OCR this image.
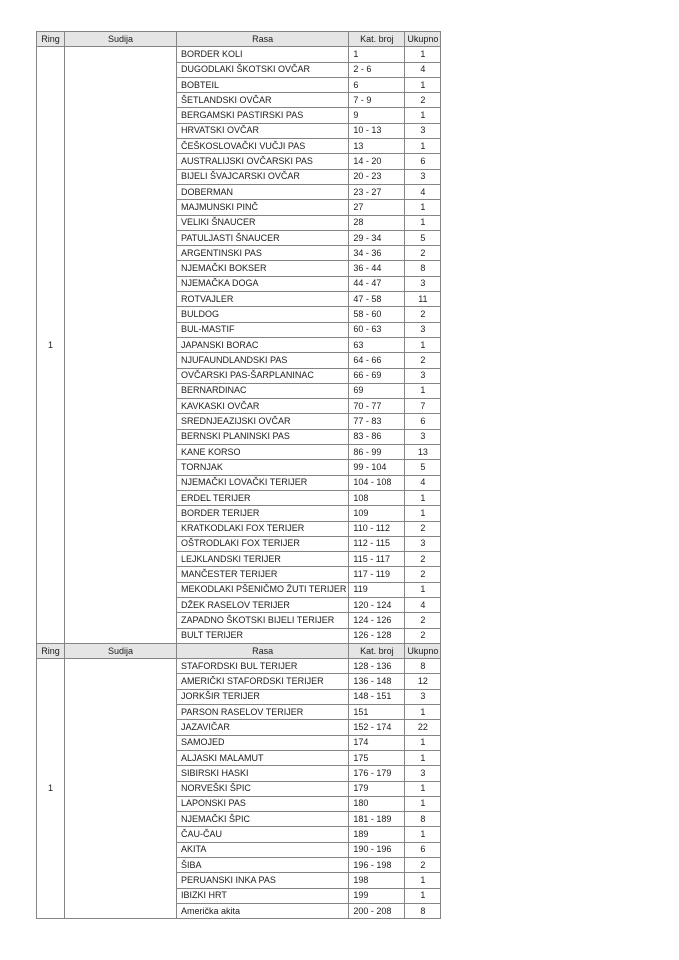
Ring	Sudija	Rasa	Kat. broj	Ukupno
1		BORDER KOLI	1	1
		DUGODLAKI ŠKOTSKI OVČAR	2 - 6	4
		BOBTEIL	6	1
		ŠETLANDSKI OVČAR	7 - 9	2
		BERGAMSKI PASTIRSKI PAS	9	1
		HRVATSKI OVČAR	10 - 13	3
		ČEŠKOSLOVAČKI VUČJI PAS	13	1
		AUSTRALIJSKI OVČARSKI PAS	14 - 20	6
		BIJELI ŠVAJCARSKI OVČAR	20 - 23	3
		DOBERMAN	23 - 27	4
		MAJMUNSKI PINČ	27	1
		VELIKI ŠNAUCER	28	1
		PATULJASTI ŠNAUCER	29 - 34	5
		ARGENTINSKI PAS	34 - 36	2
		NJEMAČKI BOKSER	36 - 44	8
		NJEMAČKA DOGA	44 - 47	3
		ROTVAJLER	47 - 58	11
		BULDOG	58 - 60	2
		BUL-MASTIF	60 - 63	3
		JAPANSKI BORAC	63	1
		NJUFAUNDLANDSKI PAS	64 - 66	2
		OVČARSKI PAS-ŠARPLANINAC	66 - 69	3
		BERNARDINAC	69	1
		KAVKASKI OVČAR	70 - 77	7
		SREDNJEAZIJSKI OVČAR	77 - 83	6
		BERNSKI PLANINSKI PAS	83 - 86	3
		KANE KORSO	86 - 99	13
		TORNJAK	99 - 104	5
		NJEMAČKI LOVAČKI TERIJER	104 - 108	4
		ERDEL TERIJER	108	1
		BORDER TERIJER	109	1
		KRATKODLAKI FOX TERIJER	110 - 112	2
		OŠTRODLAKI FOX TERIJER	112 - 115	3
		LEJKLANDSKI TERIJER	115 - 117	2
		MANČESTER TERIJER	117 - 119	2
		MEKODLAKI PŠENIČMO ŽUTI TERIJER	119	1
		DŽEK RASELOV TERIJER	120 - 124	4
		ZAPADNO ŠKOTSKI BIJELI TERIJER	124 - 126	2
		BULT TERIJER	126 - 128	2
Ring	Sudija	Rasa	Kat. broj	Ukupno
1		STAFORDSKI BUL TERIJER	128 - 136	8
		AMERIČKI STAFORDSKI TERIJER	136 - 148	12
		JORKŠIR TERIJER	148 - 151	3
		PARSON RASELOV TERIJER	151	1
		JAZAVIČAR	152 - 174	22
		SAMOJED	174	1
		ALJASKI MALAMUT	175	1
		SIBIRSKI HASKI	176 - 179	3
		NORVEŠKI ŠPIC	179	1
		LAPONSKI PAS	180	1
		NJEMAČKI ŠPIC	181 - 189	8
		ČAU-ČAU	189	1
		AKITA	190 - 196	6
		ŠIBA	196 - 198	2
		PERUANSKI INKA PAS	198	1
		IBIZKI HRT	199	1
		Američka akita	200 - 208	8
